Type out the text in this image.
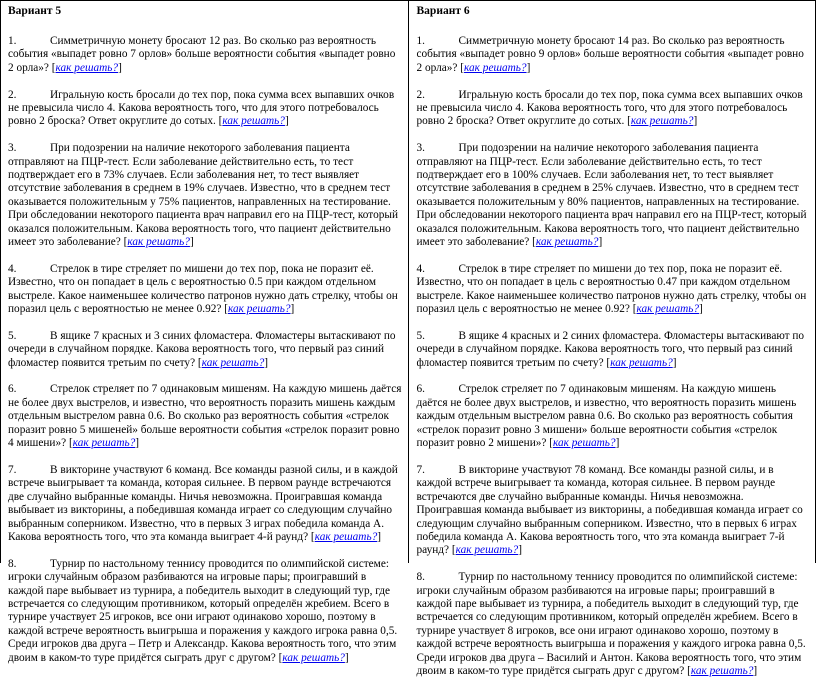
Вариант 5
1.	Симметричную монету бросают 12 раз. Во сколько раз вероятность события «выпадет ровно 7 орлов» больше вероятности события «выпадет ровно 2 орла»? [как решать?]
2.	Игральную кость бросали до тех пор, пока сумма всех выпавших очков не превысила число 4. Какова вероятность того, что для этого потребовалось ровно 2 броска? Ответ округлите до сотых. [как решать?]
3.	При подозрении на наличие некоторого заболевания пациента отправляют на ПЦР-тест. Если заболевание действительно есть, то тест подтверждает его в 73% случаев. Если заболевания нет, то тест выявляет отсутствие заболевания в среднем в 19% случаев. Известно, что в среднем тест оказывается положительным у 75% пациентов, направленных на тестирование. При обследовании некоторого пациента врач направил его на ПЦР-тест, который оказался положительным. Какова вероятность того, что пациент действительно имеет это заболевание? [как решать?]
4.	Стрелок в тире стреляет по мишени до тех пор, пока не поразит её. Известно, что он попадает в цель с вероятностью 0.5 при каждом отдельном выстреле. Какое наименьшее количество патронов нужно дать стрелку, чтобы он поразил цель с вероятностью не менее 0.92? [как решать?]
5.	В ящике 7 красных и 3 синих фломастера. Фломастеры вытаскивают по очереди в случайном порядке. Какова вероятность того, что первый раз синий фломастер появится третьим по счету? [как решать?]
6.	Стрелок стреляет по 7 одинаковым мишеням. На каждую мишень даётся не более двух выстрелов, и известно, что вероятность поразить мишень каждым отдельным выстрелом равна 0.6. Во сколько раз вероятность события «стрелок поразит ровно 5 мишеней» больше вероятности события «стрелок поразит ровно 4 мишени»? [как решать?]
7.	В викторине участвуют 6 команд. Все команды разной силы, и в каждой встрече выигрывает та команда, которая сильнее. В первом раунде встречаются две случайно выбранные команды. Ничья невозможна. Проигравшая команда выбывает из викторины, а победившая команда играет со следующим случайно выбранным соперником. Известно, что в первых 3 играх победила команда А. Какова вероятность того, что эта команда выиграет 4-й раунд? [как решать?]
8.	Турнир по настольному теннису проводится по олимпийской системе: игроки случайным образом разбиваются на игровые пары; проигравший в каждой паре выбывает из турнира, а победитель выходит в следующий тур, где встречается со следующим противником, который определён жребием. Всего в турнире участвует 25 игроков, все они играют одинаково хорошо, поэтому в каждой встрече вероятность выигрыша и поражения у каждого игрока равна 0,5. Среди игроков два друга – Петр и Александр. Какова вероятность того, что этим двоим в каком-то туре придётся сыграть друг с другом? [как решать?]
Вариант 6
1.	Симметричную монету бросают 14 раз. Во сколько раз вероятность события «выпадет ровно 9 орлов» больше вероятности события «выпадет ровно 2 орла»? [как решать?]
2.	Игральную кость бросали до тех пор, пока сумма всех выпавших очков не превысила число 4. Какова вероятность того, что для этого потребовалось ровно 2 броска? Ответ округлите до сотых. [как решать?]
3.	При подозрении на наличие некоторого заболевания пациента отправляют на ПЦР-тест. Если заболевание действительно есть, то тест подтверждает его в 100% случаев. Если заболевания нет, то тест выявляет отсутствие заболевания в среднем в 25% случаев. Известно, что в среднем тест оказывается положительным у 80% пациентов, направленных на тестирование. При обследовании некоторого пациента врач направил его на ПЦР-тест, который оказался положительным. Какова вероятность того, что пациент действительно имеет это заболевание? [как решать?]
4.	Стрелок в тире стреляет по мишени до тех пор, пока не поразит её. Известно, что он попадает в цель с вероятностью 0.47 при каждом отдельном выстреле. Какое наименьшее количество патронов нужно дать стрелку, чтобы он поразил цель с вероятностью не менее 0.92? [как решать?]
5.	В ящике 4 красных и 2 синих фломастера. Фломастеры вытаскивают по очереди в случайном порядке. Какова вероятность того, что первый раз синий фломастер появится третьим по счету? [как решать?]
6.	Стрелок стреляет по 7 одинаковым мишеням. На каждую мишень даётся не более двух выстрелов, и известно, что вероятность поразить мишень каждым отдельным выстрелом равна 0.6. Во сколько раз вероятность события «стрелок поразит ровно 3 мишени» больше вероятности события «стрелок поразит ровно 2 мишени»? [как решать?]
7.	В викторине участвуют 78 команд. Все команды разной силы, и в каждой встрече выигрывает та команда, которая сильнее. В первом раунде встречаются две случайно выбранные команды. Ничья невозможна. Проигравшая команда выбывает из викторины, а победившая команда играет со следующим случайно выбранным соперником. Известно, что в первых 6 играх победила команда А. Какова вероятность того, что эта команда выиграет 7-й раунд? [как решать?]
8.	Турнир по настольному теннису проводится по олимпийской системе: игроки случайным образом разбиваются на игровые пары; проигравший в каждой паре выбывает из турнира, а победитель выходит в следующий тур, где встречается со следующим противником, который определён жребием. Всего в турнире участвует 8 игроков, все они играют одинаково хорошо, поэтому в каждой встрече вероятность выигрыша и поражения у каждого игрока равна 0,5. Среди игроков два друга – Василий и Антон. Какова вероятность того, что этим двоим в каком-то туре придётся сыграть друг с другом? [как решать?]
